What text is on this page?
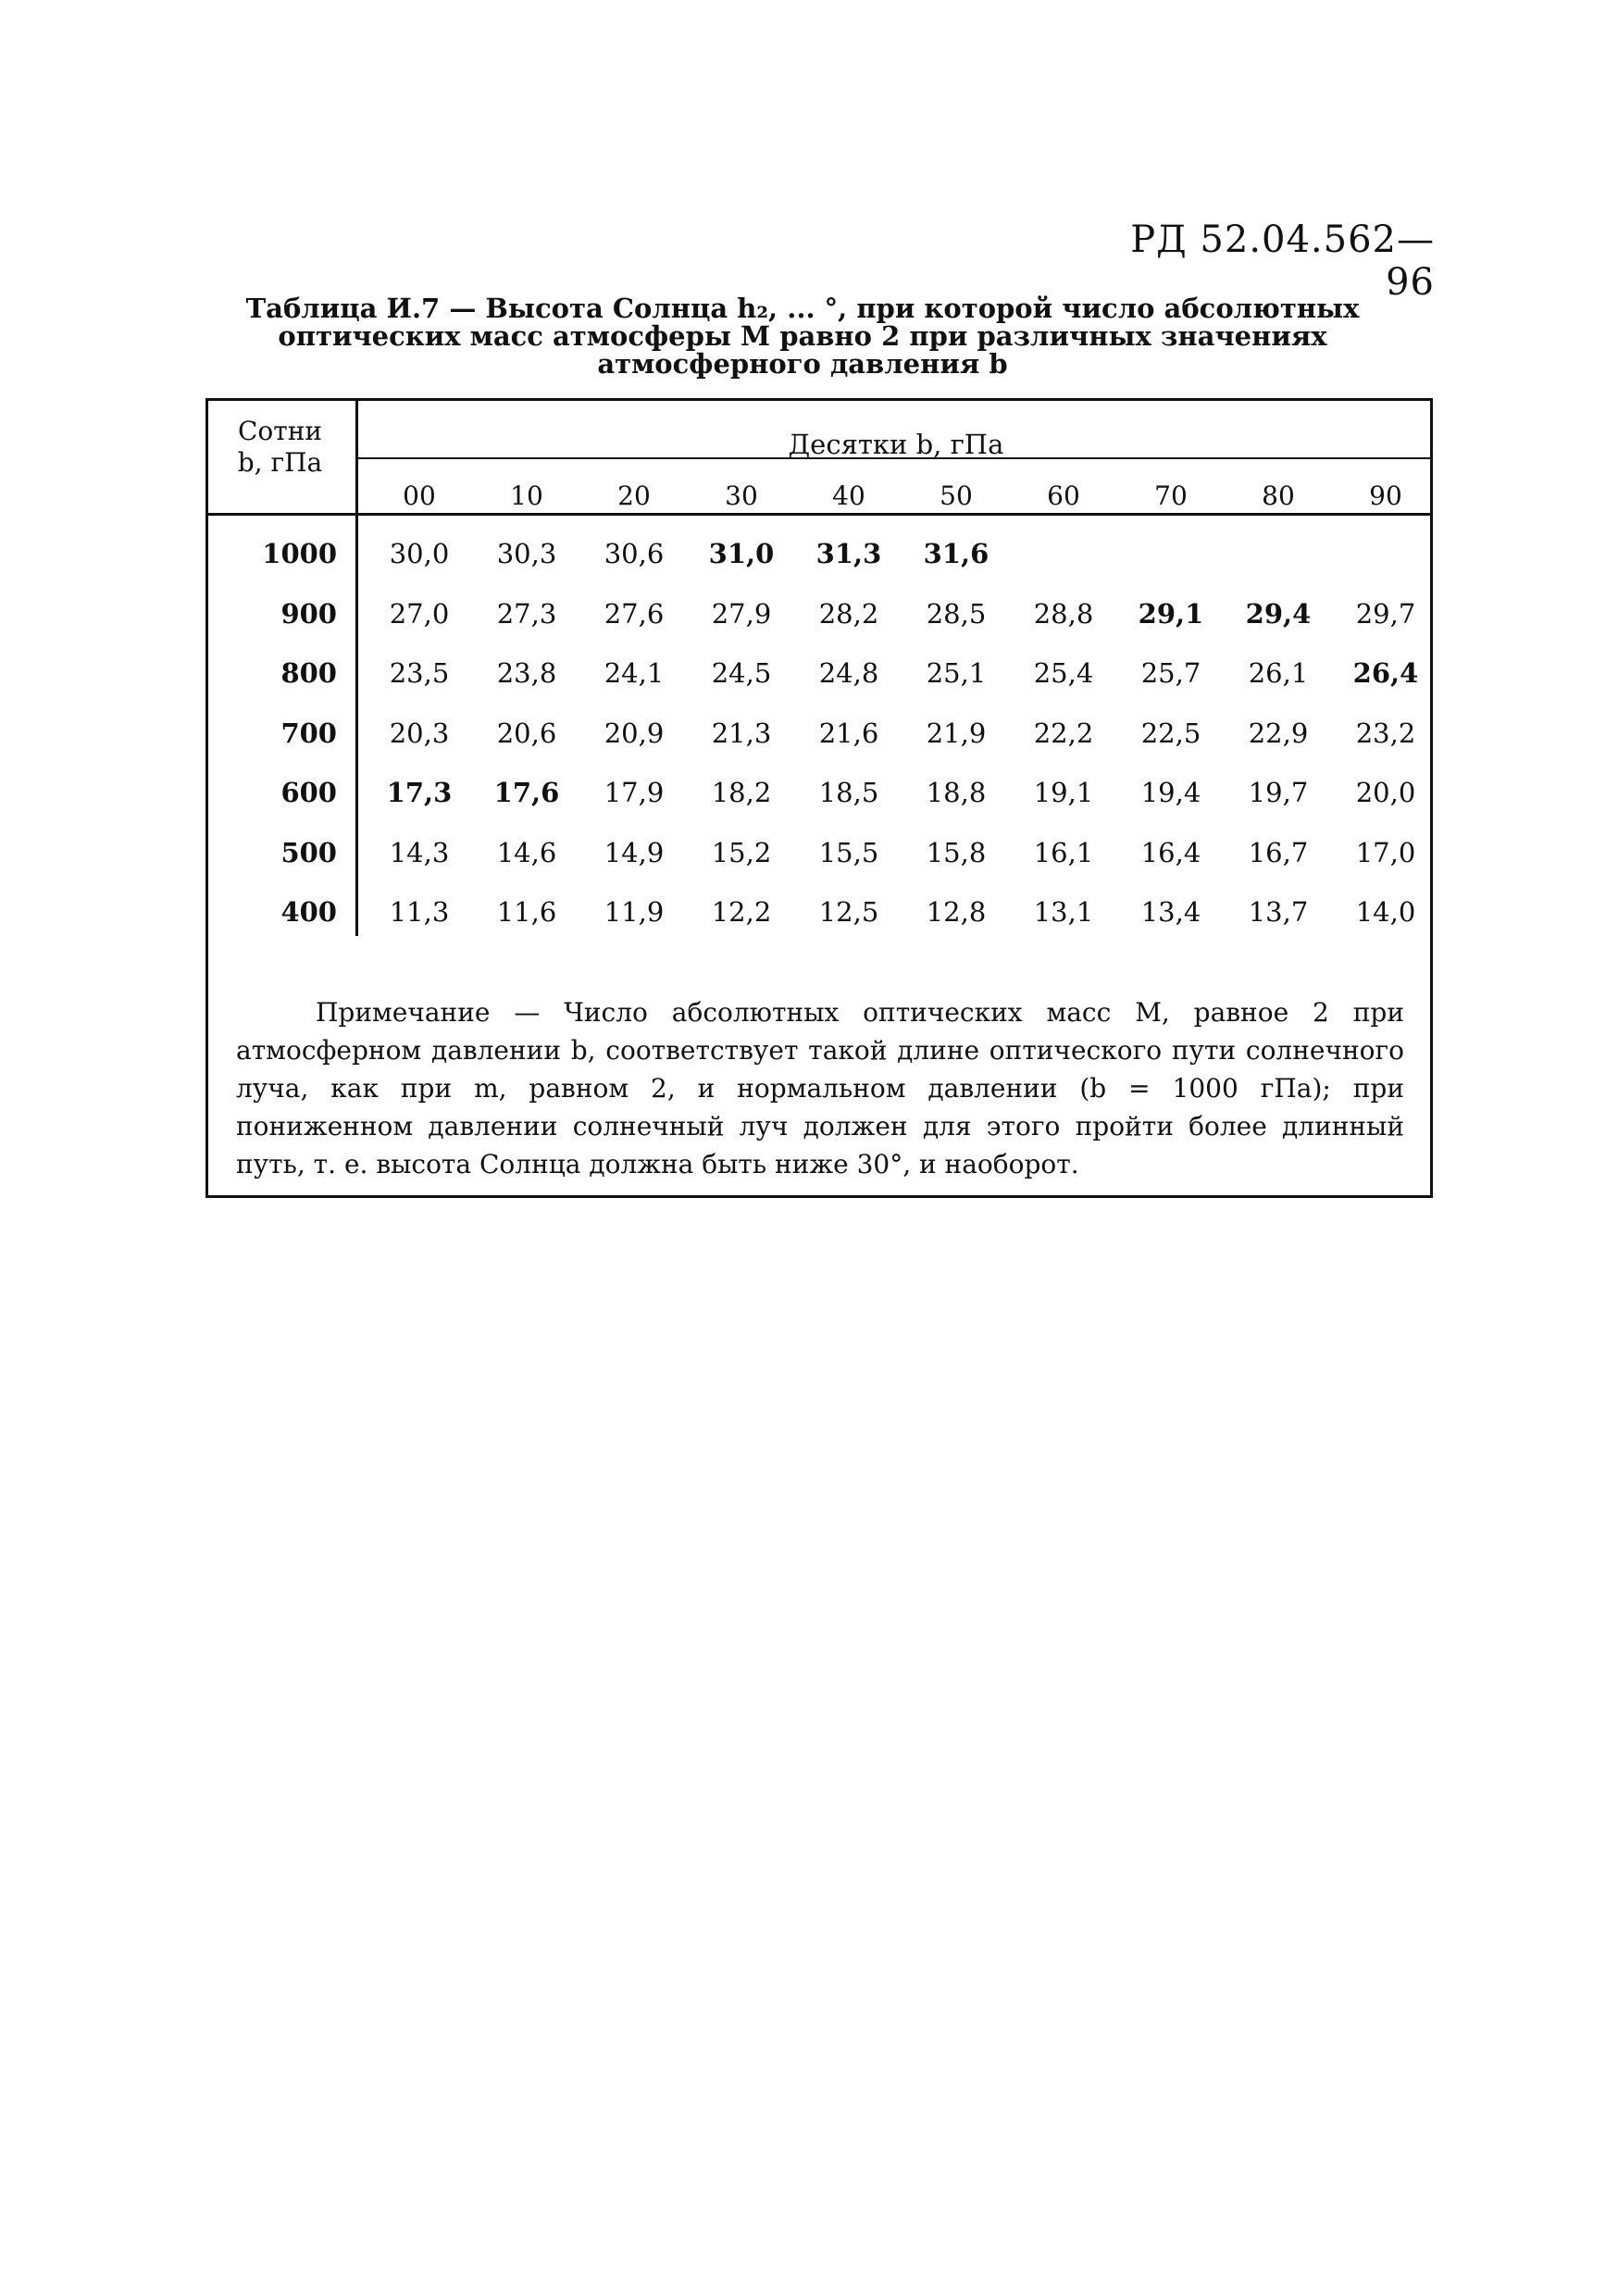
РД 52.04.562—96
Таблица И.7 — Высота Солнца h₂, ... °, при которой число абсолютных
оптических масс атмосферы M равно 2 при различных значениях
атмосферного давления b
Сотни b, гПа
Десятки b, гПа
00	10	20	30	40	50	60	70	80	90
1000	30,0	30,3	30,6	31,0	31,3	31,6
900	27,0	27,3	27,6	27,9	28,2	28,5	28,8	29,1	29,4	29,7
800	23,5	23,8	24,1	24,5	24,8	25,1	25,4	25,7	26,1	26,4
700	20,3	20,6	20,9	21,3	21,6	21,9	22,2	22,5	22,9	23,2
600	17,3	17,6	17,9	18,2	18,5	18,8	19,1	19,4	19,7	20,0
500	14,3	14,6	14,9	15,2	15,5	15,8	16,1	16,4	16,7	17,0
400	11,3	11,6	11,9	12,2	12,5	12,8	13,1	13,4	13,7	14,0
Примечание — Число абсолютных оптических масс M, равное 2 при атмосферном давлении b, соответствует такой длине оптического пути солнечного луча, как при m, равном 2, и нормальном давлении (b = 1000 гПа); при пониженном давлении солнечный луч должен для этого пройти более длинный путь, т. е. высота Солнца должна быть ниже 30°, и наоборот.
